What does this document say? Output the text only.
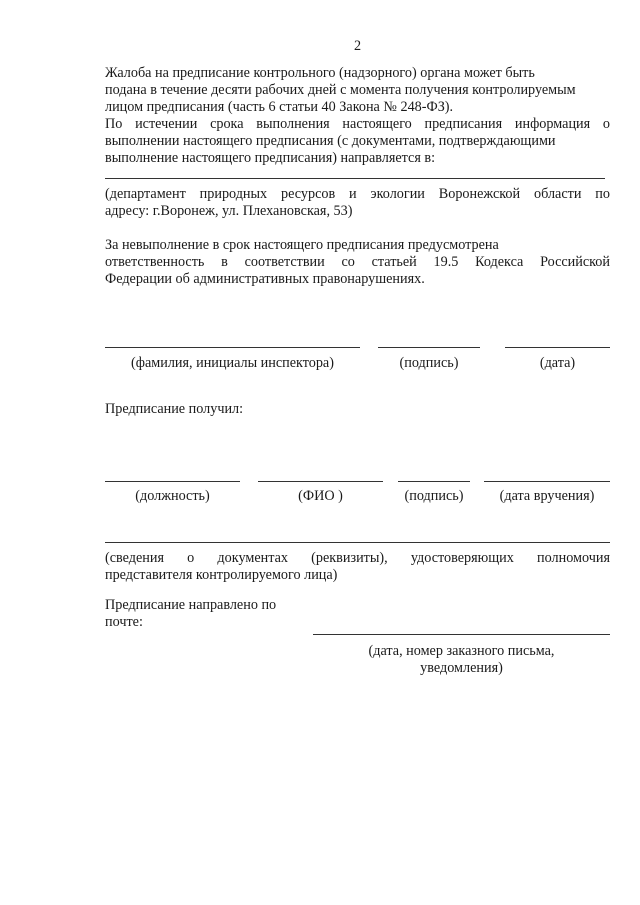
2
Жалоба на предписание контрольного (надзорного) органа может быть
подана в течение десяти рабочих дней с момента получения контролируемым
лицом предписания (часть 6 статьи 40 Закона № 248-ФЗ).
По истечении срока выполнения настоящего предписания информация о
выполнении настоящего предписания (с документами, подтверждающими
выполнение настоящего предписания) направляется в:
(департамент природных ресурсов и экологии Воронежской области по
адресу: г.Воронеж, ул. Плехановская, 53)
За невыполнение в срок настоящего предписания предусмотрена
ответственность в соответствии со статьей 19.5 Кодекса Российской
Федерации об административных правонарушениях.
(фамилия, инициалы инспектора)	(подпись)	(дата)
Предписание получил:
(должность)	(ФИО )	(подпись)	(дата вручения)
(сведения о документах (реквизиты), удостоверяющих полномочия
представителя контролируемого лица)
Предписание направлено по
почте:
(дата, номер заказного письма,
уведомления)
